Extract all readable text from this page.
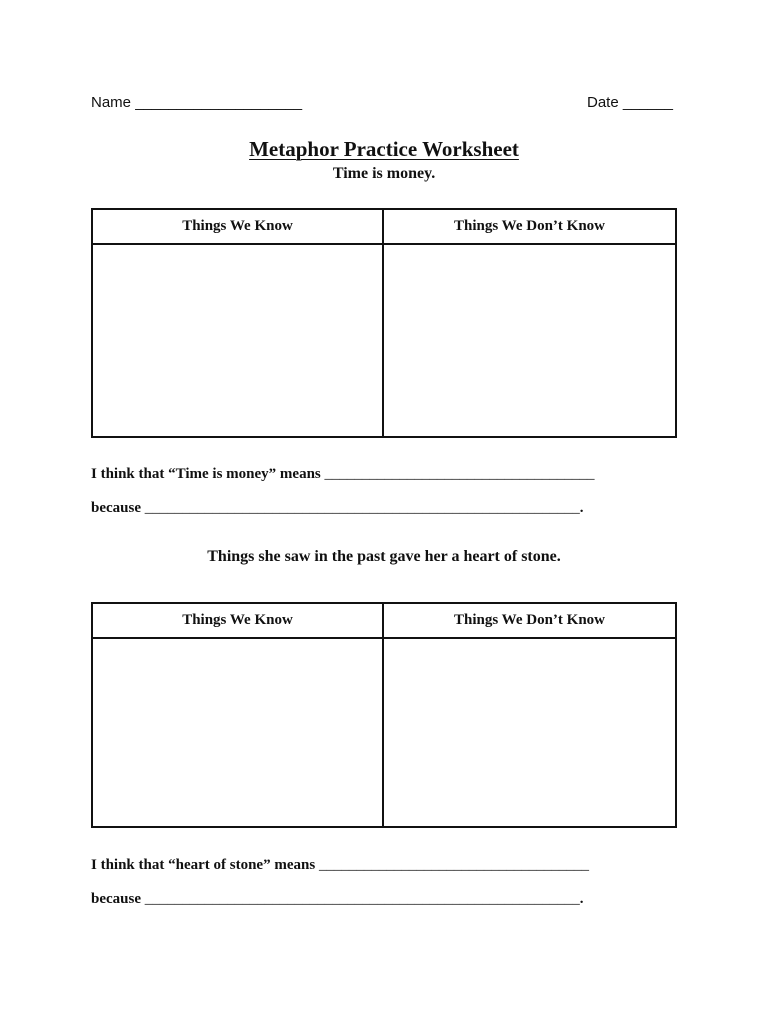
Name ____________________	Date ______
Metaphor Practice Worksheet
Time is money.
Things We Know	Things We Don’t Know
I think that “Time is money” means ____________________________________
because __________________________________________________________.
Things she saw in the past gave her a heart of stone.
Things We Know	Things We Don’t Know
I think that “heart of stone” means ____________________________________
because __________________________________________________________.
